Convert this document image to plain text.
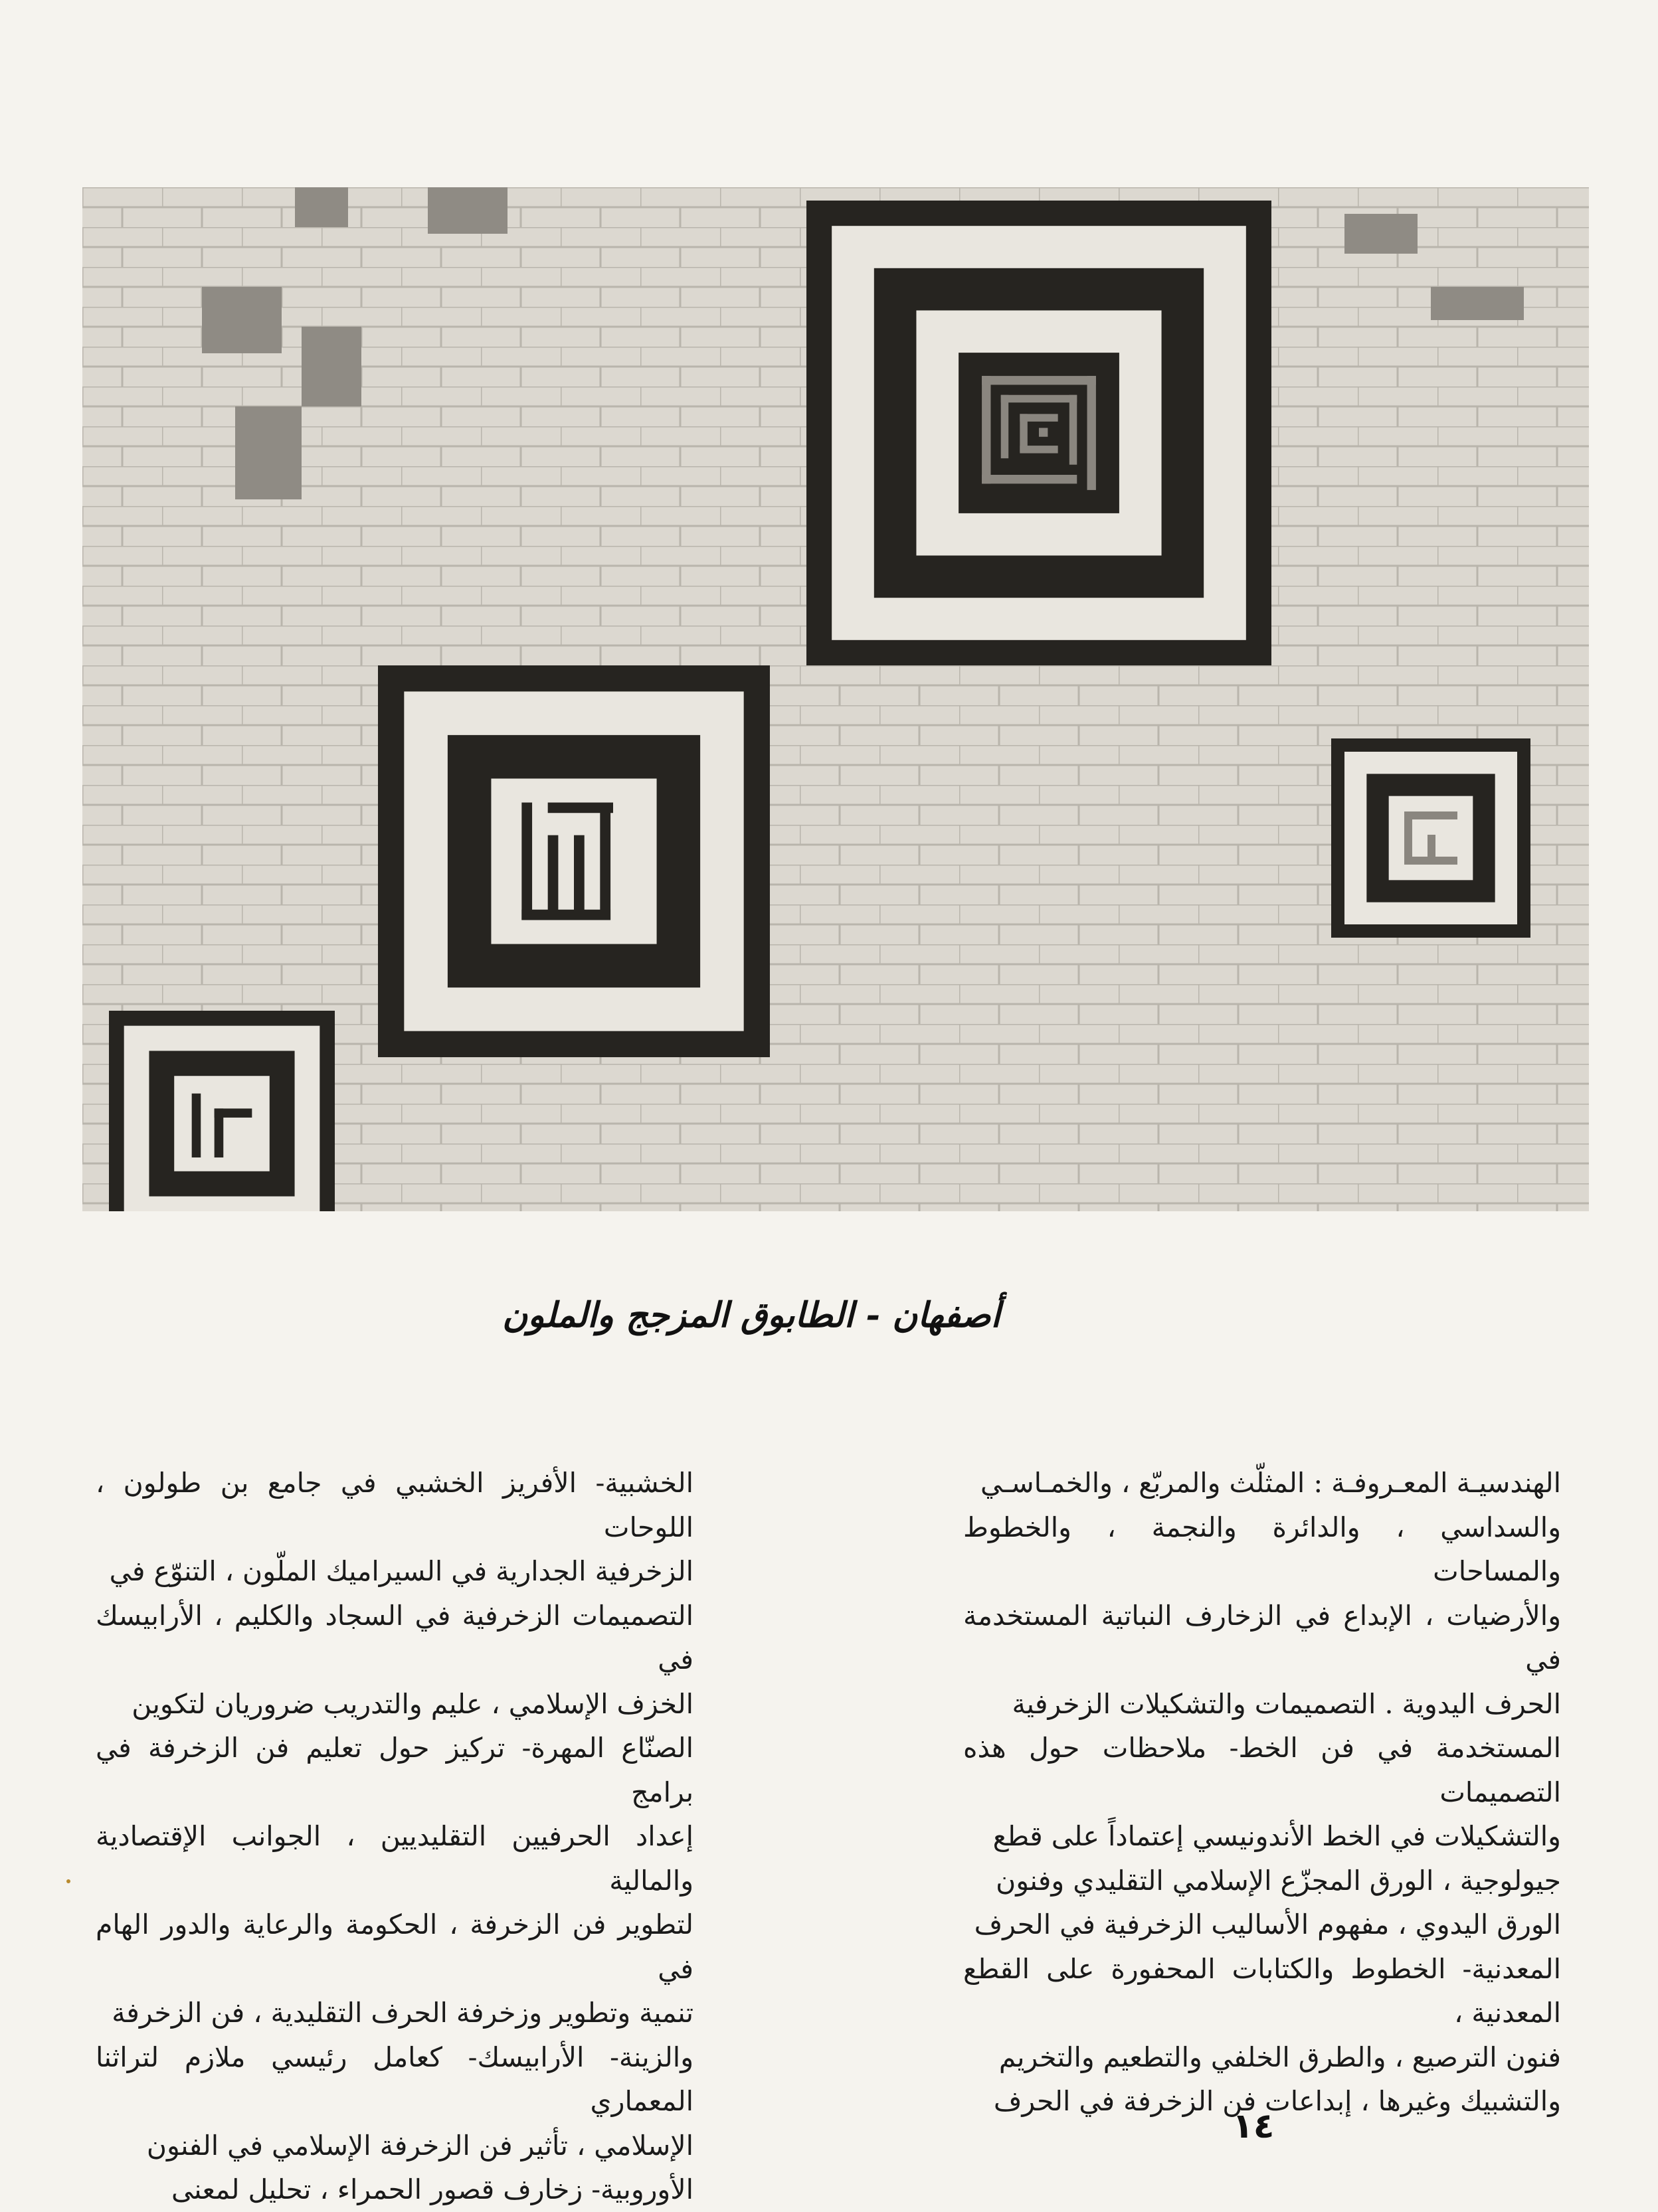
أصفهان - الطابوق المزجج والملون

الهندسيـة المعـروفـة : المثلّث والمربّع ، والخمـاسـي

والسداسي ، والدائرة والنجمة ، والخطوط والمساحات

والأرضيات ، الإبداع في الزخارف النباتية المستخدمة في

الحرف اليدوية . التصميمات والتشكيلات الزخرفية

المستخدمة في فن الخط- ملاحظات حول هذه التصميمات

والتشكيلات في الخط الأندونيسي إعتماداً على قطع

جيولوجية ، الورق المجزّع الإسلامي التقليدي وفنون

الورق اليدوي ، مفهوم الأساليب الزخرفية في الحرف

المعدنية- الخطوط والكتابات المحفورة على القطع المعدنية ،

فنون الترصيع ، والطرق الخلفي والتطعيم والتخريم

والتشبيك وغيرها ، إبداعات فن الزخرفة في الحرف

الخشبية- الأفريز الخشبي في جامع بن طولون ، اللوحات

الزخرفية الجدارية في السيراميك الملّون ، التنوّع في

التصميمات الزخرفية في السجاد والكليم ، الأرابيسك في

الخزف الإسلامي ، عليم والتدريب ضروريان لتكوين

الصنّاع المهرة- تركيز حول تعليم فن الزخرفة في برامج

إعداد الحرفيين التقليديين ، الجوانب الإقتصادية والمالية

لتطوير فن الزخرفة ، الحكومة والرعاية والدور الهام في

تنمية وتطوير وزخرفة الحرف التقليدية ، فن الزخرفة

والزينة- الأرابيسك- كعامل رئيسي ملازم لتراثنا المعماري

الإسلامي ، تأثير فن الزخرفة الإسلامي في الفنون

الأوروبية- زخارف قصور الحمراء ، تحليل لمعنى

١٤
